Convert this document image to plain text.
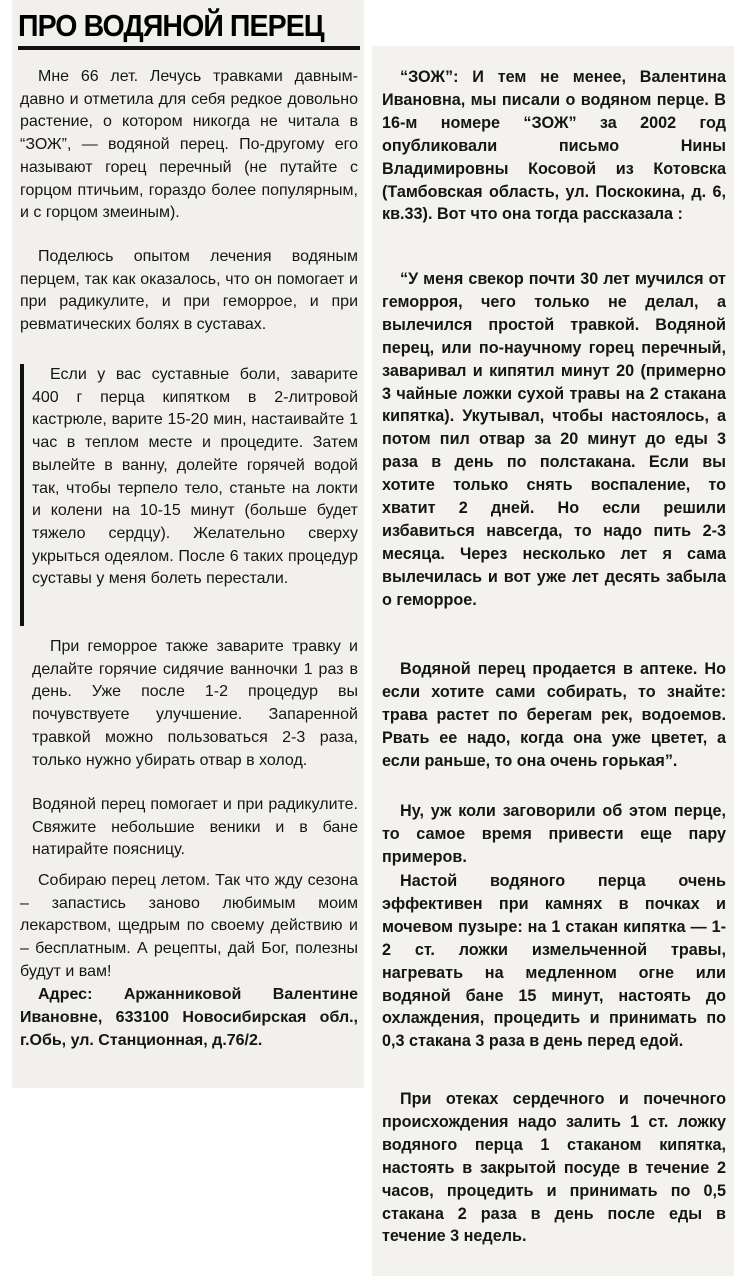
ПРО ВОДЯНОЙ ПЕРЕЦ

Мне 66 лет. Лечусь травками давным-давно и отметила для себя редкое довольно растение, о котором никогда не читала в “ЗОЖ”, — водяной перец. По-другому его называют горец перечный (не путайте с горцом птичьим, гораздо более популярным, и с горцом змеиным).

Поделюсь опытом лечения водяным перцем, так как оказалось, что он помогает и при радикулите, и при геморрое, и при ревматических болях в суставах.

Если у вас суставные боли, заварите 400 г перца кипятком в 2-литровой кастрюле, варите 15-20 мин, настаивайте 1 час в теплом месте и процедите. Затем вылейте в ванну, долейте горячей водой так, чтобы терпело тело, станьте на локти и колени на 10-15 минут (больше будет тяжело сердцу). Желательно сверху укрыться одеялом. После 6 таких процедур суставы у меня болеть перестали.

При геморрое также заварите травку и делайте горячие сидячие ванночки 1 раз в день. Уже после 1-2 процедур вы почувствуете улучшение. Запаренной травкой можно пользоваться 2-3 раза, только нужно убирать отвар в холод.

Водяной перец помогает и при радикулите. Свяжите небольшие веники и в бане натирайте поясницу.

Собираю перец летом. Так что жду сезона – запастись заново любимым моим лекарством, щедрым по своему действию и – бесплатным. А рецепты, дай Бог, полезны будут и вам!

Адрес: Аржанниковой Валентине Ивановне, 633100 Новосибирская обл., г.Обь, ул. Станционная, д.76/2.

“ЗОЖ”: И тем не менее, Валентина Ивановна, мы писали о водяном перце. В 16-м номере “ЗОЖ” за 2002 год опубликовали письмо Нины Владимировны Косовой из Котовска (Тамбовская область, ул. Поскокина, д. 6, кв.33). Вот что она тогда рассказала :

“У меня свекор почти 30 лет мучился от геморроя, чего только не делал, а вылечился простой травкой. Водяной перец, или по-научному горец перечный, заваривал и кипятил минут 20 (примерно 3 чайные ложки сухой травы на 2 стакана кипятка). Укутывал, чтобы настоялось, а потом пил отвар за 20 минут до еды 3 раза в день по полстакана. Если вы хотите только снять воспаление, то хватит 2 дней. Но если решили избавиться навсегда, то надо пить 2-3 месяца. Через несколько лет я сама вылечилась и вот уже лет десять забыла о геморрое.

Водяной перец продается в аптеке. Но если хотите сами собирать, то знайте: трава растет по берегам рек, водоемов. Рвать ее надо, когда она уже цветет, а если раньше, то она очень горькая”.

Ну, уж коли заговорили об этом перце, то самое время привести еще пару примеров.

Настой водяного перца очень эффективен при камнях в почках и мочевом пузыре: на 1 стакан кипятка — 1-2 ст. ложки измельченной травы, нагревать на медленном огне или водяной бане 15 минут, настоять до охлаждения, процедить и принимать по 0,3 стакана 3 раза в день перед едой.

При отеках сердечного и почечного происхождения надо залить 1 ст. ложку водяного перца 1 стаканом кипятка, настоять в закрытой посуде в течение 2 часов, процедить и принимать по 0,5 стакана 2 раза в день после еды в течение 3 недель.
